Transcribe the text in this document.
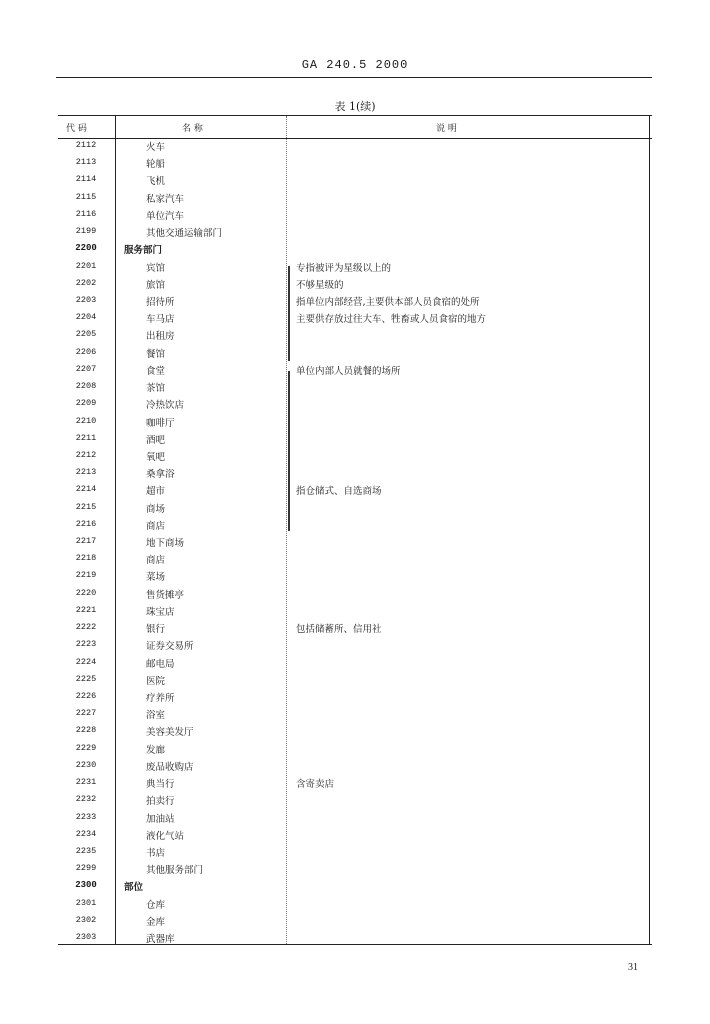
GA 240.5 2000
表 1(续)
代 码	名 称	说 明
2112	火车
2113	轮船
2114	飞机
2115	私家汽车
2116	单位汽车
2199	其他交通运输部门
2200	服务部门
2201	宾馆	专指被评为星级以上的
2202	旅馆	不够星级的
2203	招待所	指单位内部经营,主要供本部人员食宿的处所
2204	车马店	主要供存放过往大车、牲畜或人员食宿的地方
2205	出租房
2206	餐馆
2207	食堂	单位内部人员就餐的场所
2208	茶馆
2209	冷热饮店
2210	咖啡厅
2211	酒吧
2212	氧吧
2213	桑拿浴
2214	超市	指仓储式、自选商场
2215	商场
2216	商店
2217	地下商场
2218	商店
2219	菜场
2220	售货摊亭
2221	珠宝店
2222	银行	包括储蓄所、信用社
2223	证券交易所
2224	邮电局
2225	医院
2226	疗养所
2227	浴室
2228	美容美发厅
2229	发廊
2230	废品收购店
2231	典当行	含寄卖店
2232	拍卖行
2233	加油站
2234	液化气站
2235	书店
2299	其他服务部门
2300	部位
2301	仓库
2302	金库
2303	武器库
31
